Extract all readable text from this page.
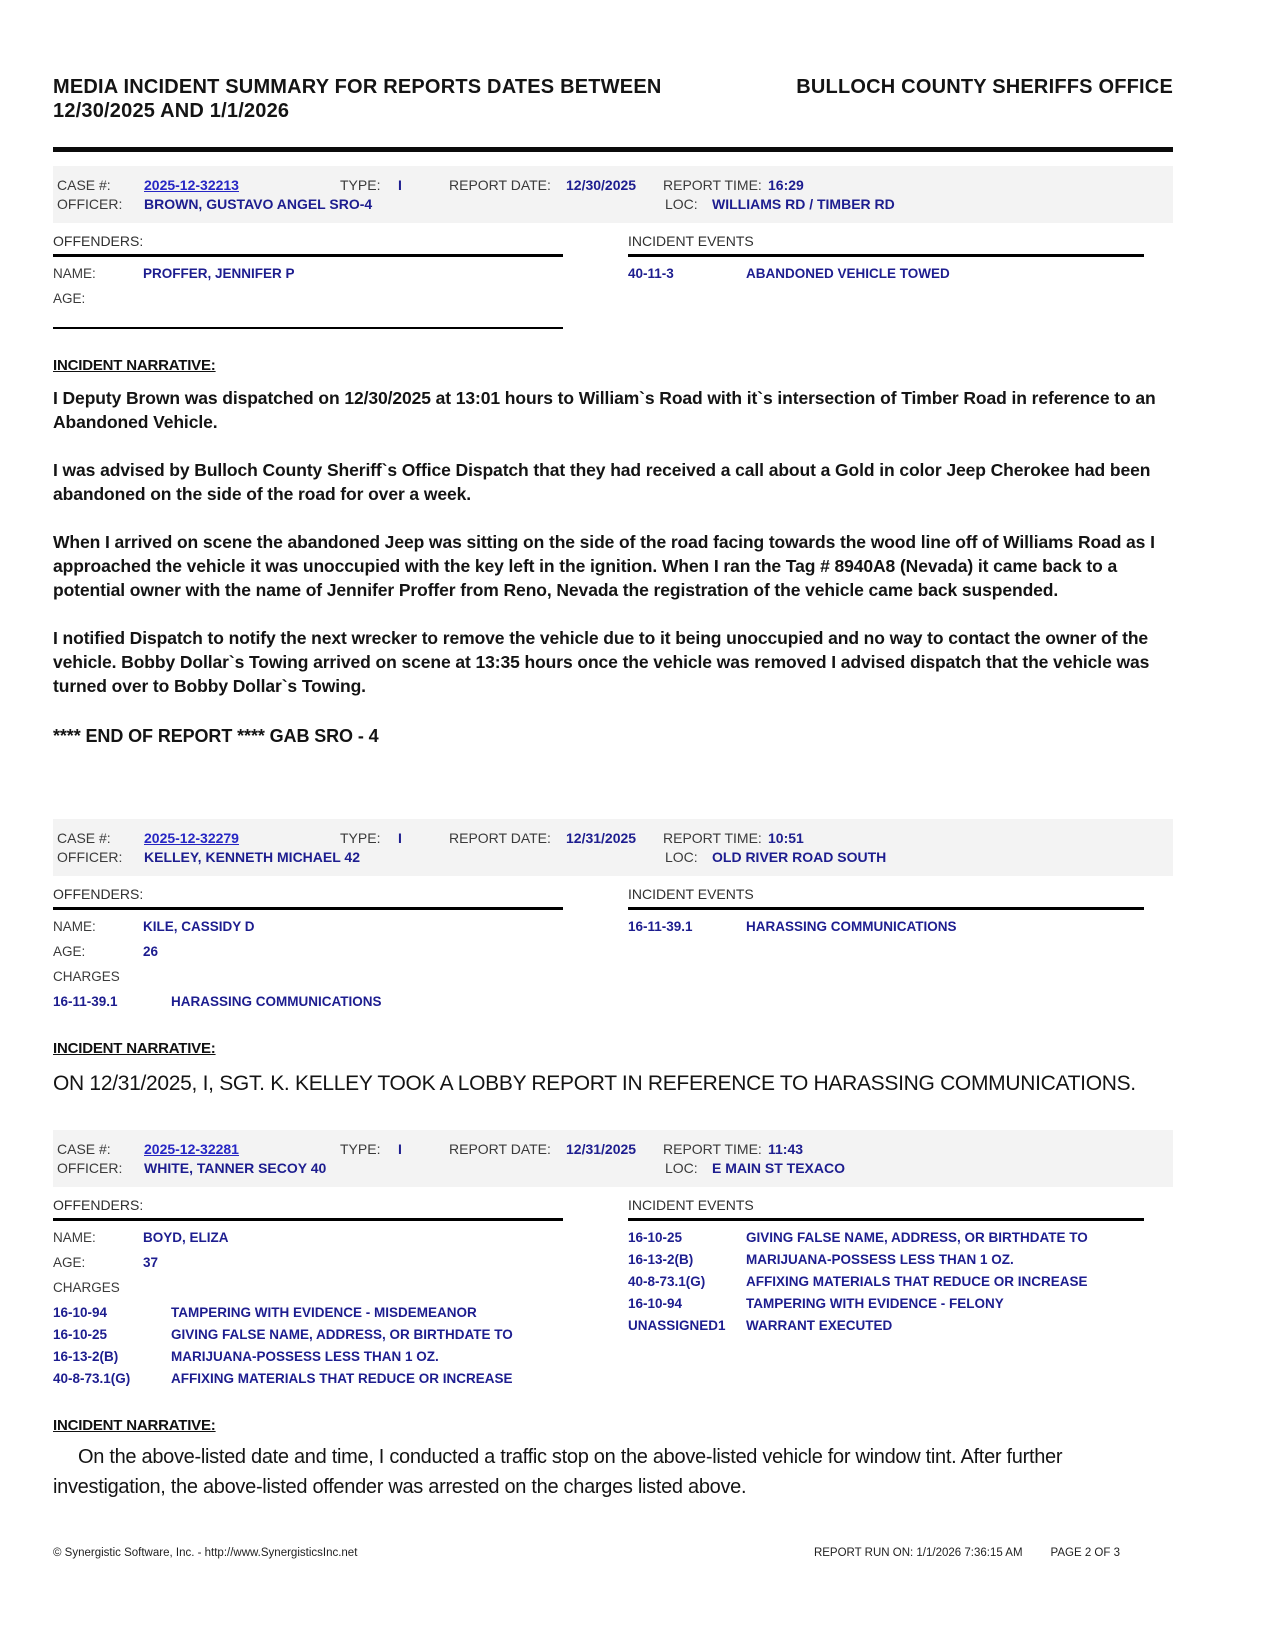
MEDIA INCIDENT SUMMARY FOR REPORTS DATES BETWEEN 12/30/2025 AND 1/1/2026
BULLOCH COUNTY SHERIFFS OFFICE
CASE #:	2025-12-32213	TYPE:	I	REPORT DATE:	12/30/2025	REPORT TIME: 16:29
OFFICER:	BROWN, GUSTAVO ANGEL SRO-4	LOC:	WILLIAMS RD / TIMBER RD
OFFENDERS:
NAME:	PROFFER, JENNIFER P
AGE:
INCIDENT EVENTS
40-11-3	ABANDONED VEHICLE TOWED
INCIDENT NARRATIVE:
I Deputy Brown was dispatched on 12/30/2025 at 13:01 hours to William`s Road with it`s intersection of Timber Road in reference to an Abandoned Vehicle.
I was advised by Bulloch County Sheriff`s Office Dispatch that they had received a call about a Gold in color Jeep Cherokee had been abandoned on the side of the road for over a week.
When I arrived on scene the abandoned Jeep was sitting on the side of the road facing towards the wood line off of Williams Road as I approached the vehicle it was unoccupied with the key left in the ignition. When I ran the Tag # 8940A8 (Nevada) it came back to a potential owner with the name of Jennifer Proffer from Reno, Nevada the registration of the vehicle came back suspended.
I notified Dispatch to notify the next wrecker to remove the vehicle due to it being unoccupied and no way to contact the owner of the vehicle. Bobby Dollar`s Towing arrived on scene at 13:35 hours once the vehicle was removed I advised dispatch that the vehicle was turned over to Bobby Dollar`s Towing.
**** END OF REPORT **** GAB SRO - 4
CASE #:	2025-12-32279	TYPE:	I	REPORT DATE:	12/31/2025	REPORT TIME: 10:51
OFFICER:	KELLEY, KENNETH MICHAEL 42	LOC:	OLD RIVER ROAD SOUTH
OFFENDERS:
NAME:	KILE, CASSIDY D
AGE:	26
CHARGES
16-11-39.1	HARASSING COMMUNICATIONS
INCIDENT EVENTS
16-11-39.1	HARASSING COMMUNICATIONS
INCIDENT NARRATIVE:
ON 12/31/2025, I, SGT. K. KELLEY TOOK A LOBBY REPORT IN REFERENCE TO HARASSING COMMUNICATIONS.
CASE #:	2025-12-32281	TYPE:	I	REPORT DATE:	12/31/2025	REPORT TIME: 11:43
OFFICER:	WHITE, TANNER SECOY 40	LOC:	E MAIN ST TEXACO
OFFENDERS:
NAME:	BOYD, ELIZA
AGE:	37
CHARGES
16-10-94	TAMPERING WITH EVIDENCE - MISDEMEANOR
16-10-25	GIVING FALSE NAME, ADDRESS, OR BIRTHDATE TO
16-13-2(B)	MARIJUANA-POSSESS LESS THAN 1 OZ.
40-8-73.1(G)	AFFIXING MATERIALS THAT REDUCE OR INCREASE
INCIDENT EVENTS
16-10-25	GIVING FALSE NAME, ADDRESS, OR BIRTHDATE TO
16-13-2(B)	MARIJUANA-POSSESS LESS THAN 1 OZ.
40-8-73.1(G)	AFFIXING MATERIALS THAT REDUCE OR INCREASE
16-10-94	TAMPERING WITH EVIDENCE - FELONY
UNASSIGNED1	WARRANT EXECUTED
INCIDENT NARRATIVE:
On the above-listed date and time, I conducted a traffic stop on the above-listed vehicle for window tint. After further investigation, the above-listed offender was arrested on the charges listed above.
© Synergistic Software, Inc. - http://www.SynergisticsInc.net	REPORT RUN ON: 1/1/2026 7:36:15 AM PAGE 2 OF 3
